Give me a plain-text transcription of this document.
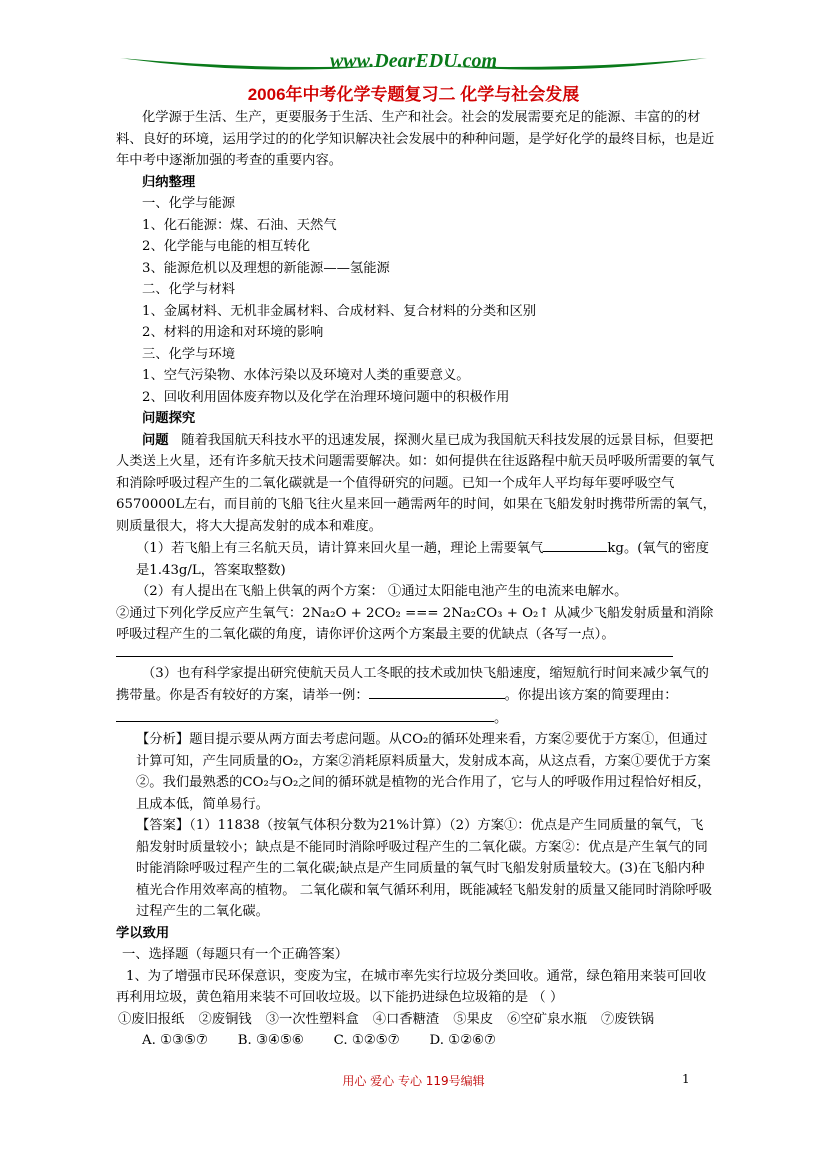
www.DearEDU.com
2006年中考化学专题复习二 化学与社会发展

化学源于生活、生产，更要服务于生活、生产和社会。社会的发展需要充足的能源、丰富的的材料、良好的环境，运用学过的的化学知识解决社会发展中的种种问题，是学好化学的最终目标，也是近年中考中逐渐加强的考查的重要内容。

归纳整理

一、化学与能源

1、化石能源：煤、石油、天然气

2、化学能与电能的相互转化

3、能源危机以及理想的新能源——氢能源

二、化学与材料

1、金属材料、无机非金属材料、合成材料、复合材料的分类和区别

2、材料的用途和对环境的影响

三、化学与环境

1、空气污染物、水体污染以及环境对人类的重要意义。

2、回收利用固体废弃物以及化学在治理环境问题中的积极作用

问题探究

问题 随着我国航天科技水平的迅速发展，探测火星已成为我国航天科技发展的远景目标，但要把人类送上火星，还有许多航天技术问题需要解决。如：如何提供在往返路程中航天员呼吸所需要的氧气和消除呼吸过程产生的二氧化碳就是一个值得研究的问题。已知一个成年人平均每年要呼吸空气6570000L左右，而目前的飞船飞往火星来回一趟需两年的时间，如果在飞船发射时携带所需的氧气，则质量很大，将大大提高发射的成本和难度。

（1）若飞船上有三名航天员，请计算来回火星一趟，理论上需要氧气	kg。(氧气的密度是1.43g/L，答案取整数)

（2）有人提出在飞船上供氧的两个方案： ①通过太阳能电池产生的电流来电解水。

②通过下列化学反应产生氧气：2Na₂O + 2CO₂ === 2Na₂CO₃ + O₂↑ 从减少飞船发射质量和消除呼吸过程产生的二氧化碳的角度，请你评价这两个方案最主要的优缺点（各写一点）。

（3）也有科学家提出研究使航天员人工冬眠的技术或加快飞船速度，缩短航行时间来减少氧气的携带量。你是否有较好的方案，请举一例：	。你提出该方案的简要理由：。

【分析】题目提示要从两方面去考虑问题。从CO₂的循环处理来看，方案②要优于方案①，但通过计算可知，产生同质量的O₂，方案②消耗原料质量大，发射成本高，从这点看，方案①要优于方案②。我们最熟悉的CO₂与O₂之间的循环就是植物的光合作用了，它与人的呼吸作用过程恰好相反，且成本低，简单易行。

【答案】（1）11838（按氧气体积分数为21%计算）（2）方案①：优点是产生同质量的氧气，飞船发射时质量较小；缺点是不能同时消除呼吸过程产生的二氧化碳。方案②：优点是产生氧气的同时能消除呼吸过程产生的二氧化碳;缺点是产生同质量的氧气时飞船发射质量较大。(3)在飞船内种植光合作用效率高的植物。 二氧化碳和氧气循环利用，既能减轻飞船发射的质量又能同时消除呼吸过程产生的二氧化碳。

学以致用

一、选择题（每题只有一个正确答案）

1、为了增强市民环保意识，变废为宝，在城市率先实行垃圾分类回收。通常，绿色箱用来装可回收再利用垃圾，黄色箱用来装不可回收垃圾。以下能扔进绿色垃圾箱的是 （ ）

①废旧报纸 ②废铜钱 ③一次性塑料盒 ④口香糖渣 ⑤果皮 ⑥空矿泉水瓶 ⑦废铁锅

A. ①③⑤⑦ B. ③④⑤⑥ C. ①②⑤⑦ D. ①②⑥⑦

用心 爱心 专心 119号编辑	1
